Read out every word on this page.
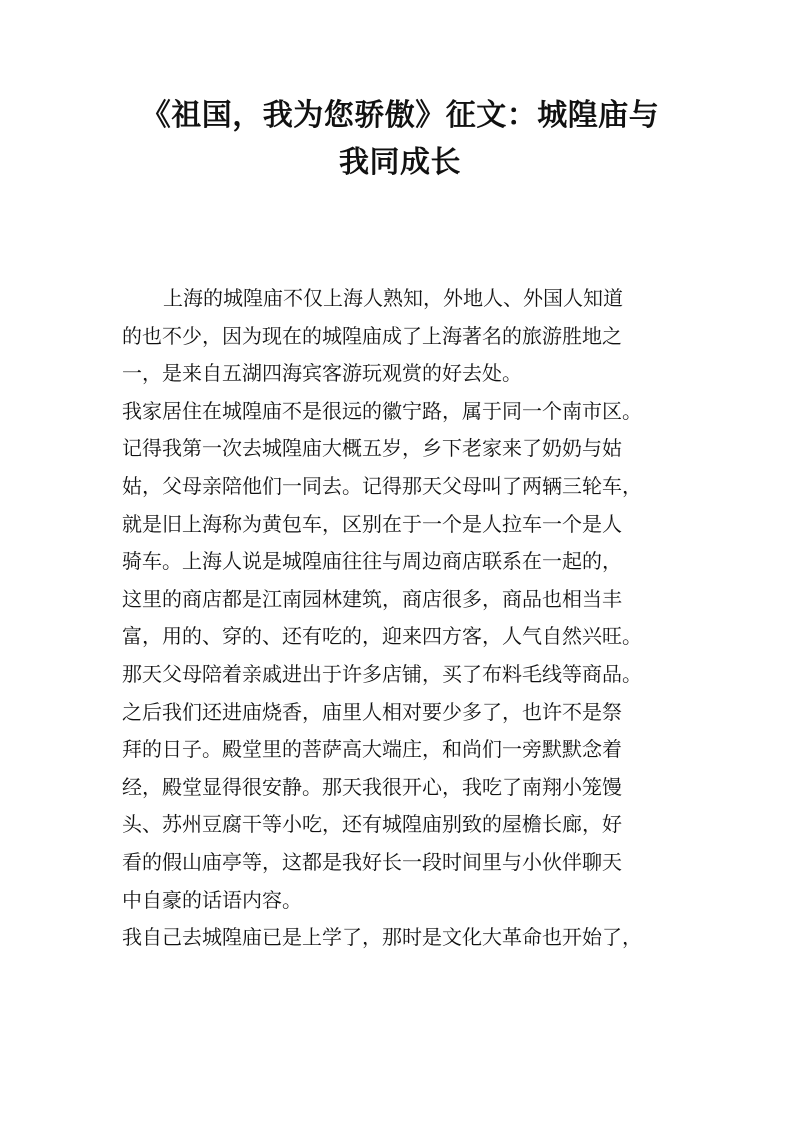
《祖国，我为您骄傲》征文：城隍庙与
我同成长
上海的城隍庙不仅上海人熟知，外地人、外国人知道
的也不少，因为现在的城隍庙成了上海著名的旅游胜地之
一，是来自五湖四海宾客游玩观赏的好去处。
我家居住在城隍庙不是很远的徽宁路，属于同一个南市区。
记得我第一次去城隍庙大概五岁，乡下老家来了奶奶与姑
姑，父母亲陪他们一同去。记得那天父母叫了两辆三轮车，
就是旧上海称为黄包车，区别在于一个是人拉车一个是人
骑车。上海人说是城隍庙往往与周边商店联系在一起的，
这里的商店都是江南园林建筑，商店很多，商品也相当丰
富，用的、穿的、还有吃的，迎来四方客，人气自然兴旺。
那天父母陪着亲戚进出于许多店铺，买了布料毛线等商品。
之后我们还进庙烧香，庙里人相对要少多了，也许不是祭
拜的日子。殿堂里的菩萨高大端庄，和尚们一旁默默念着
经，殿堂显得很安静。那天我很开心，我吃了南翔小笼馒
头、苏州豆腐干等小吃，还有城隍庙别致的屋檐长廊，好
看的假山庙亭等，这都是我好长一段时间里与小伙伴聊天
中自豪的话语内容。
我自己去城隍庙已是上学了，那时是文化大革命也开始了，
